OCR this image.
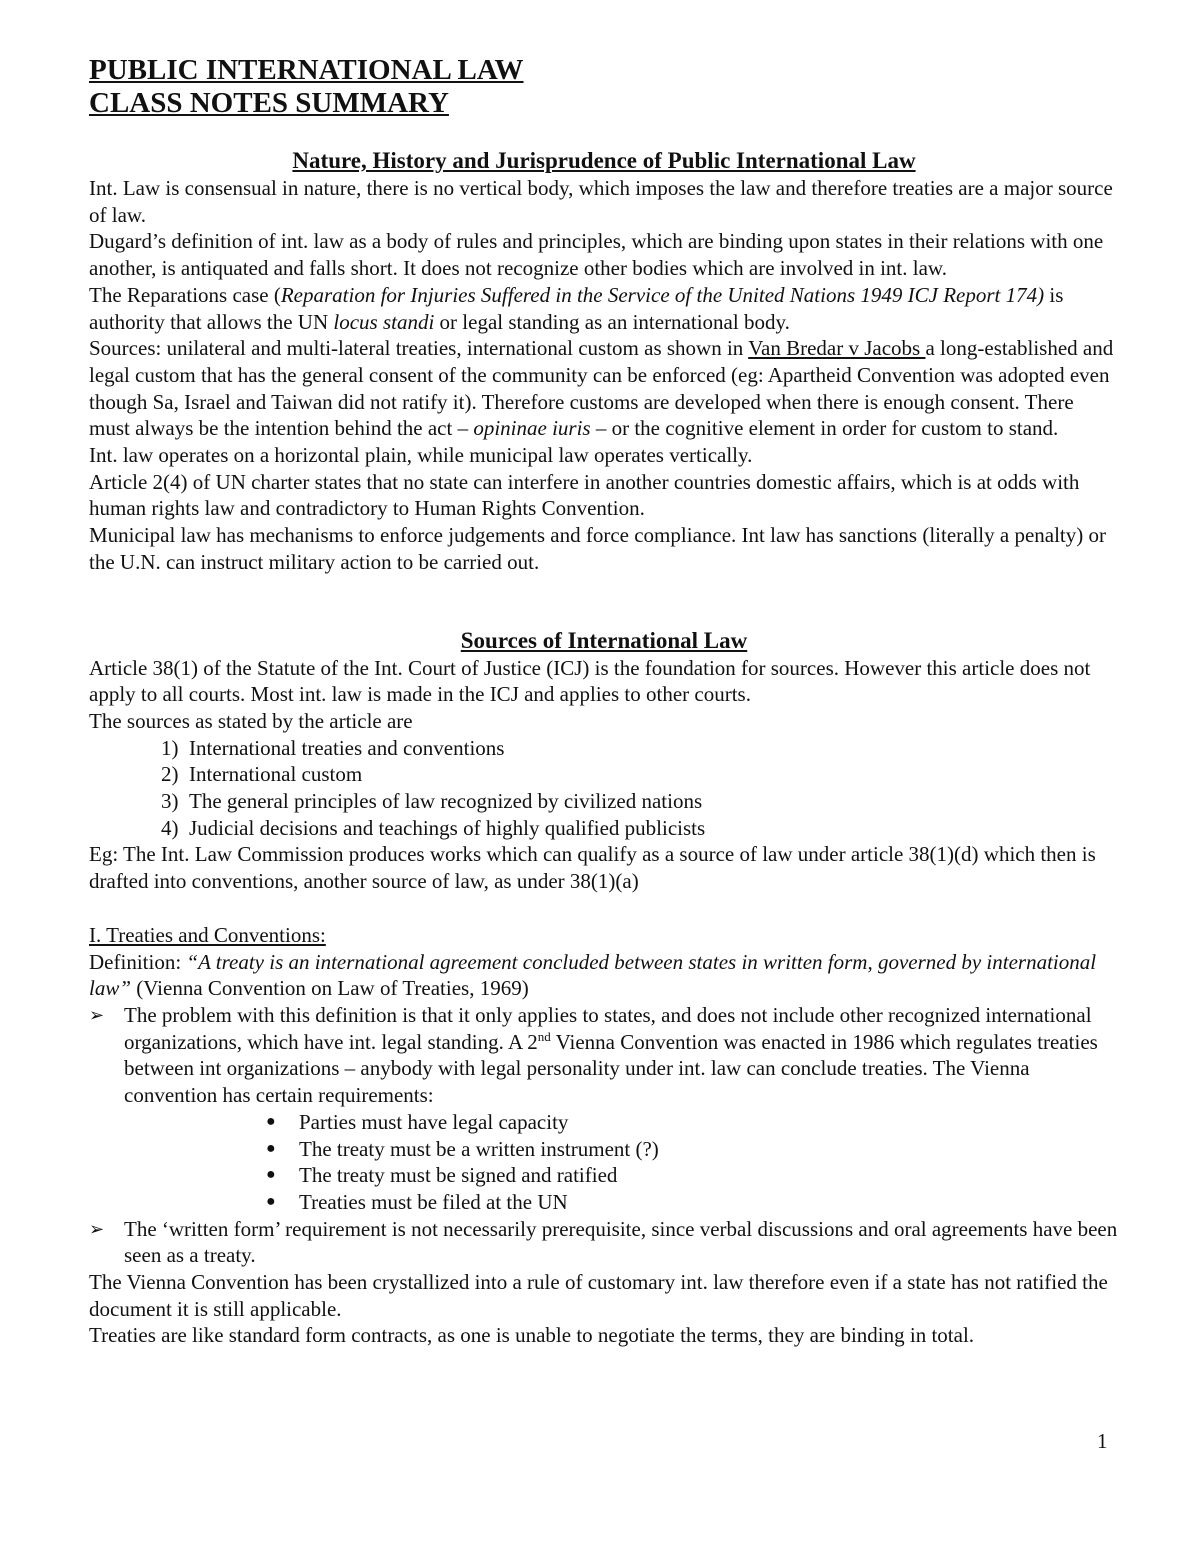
PUBLIC INTERNATIONAL LAW
CLASS NOTES SUMMARY
Nature, History and Jurisprudence of Public International Law

Int. Law is consensual in nature, there is no vertical body, which imposes the law and therefore treaties are a major source of law.

Dugard’s definition of int. law as a body of rules and principles, which are binding upon states in their relations with one another, is antiquated and falls short. It does not recognize other bodies which are involved in int. law.

The Reparations case (Reparation for Injuries Suffered in the Service of the United Nations 1949 ICJ Report 174) is authority that allows the UN locus standi or legal standing as an international body.

Sources: unilateral and multi-lateral treaties, international custom as shown in Van Bredar v Jacobs a long-established and legal custom that has the general consent of the community can be enforced (eg: Apartheid Convention was adopted even though Sa, Israel and Taiwan did not ratify it). Therefore customs are developed when there is enough consent. There must always be the intention behind the act – opininae iuris – or the cognitive element in order for custom to stand.

Int. law operates on a horizontal plain, while municipal law operates vertically.

Article 2(4) of UN charter states that no state can interfere in another countries domestic affairs, which is at odds with human rights law and contradictory to Human Rights Convention.

Municipal law has mechanisms to enforce judgements and force compliance. Int law has sanctions (literally a penalty) or the U.N. can instruct military action to be carried out.

Sources of International Law

Article 38(1) of the Statute of the Int. Court of Justice (ICJ) is the foundation for sources. However this article does not apply to all courts. Most int. law is made in the ICJ and applies to other courts.

The sources as stated by the article are

1)  International treaties and conventions
2)  International custom
3)  The general principles of law recognized by civilized nations
4)  Judicial decisions and teachings of highly qualified publicists

Eg: The Int. Law Commission produces works which can qualify as a source of law under article 38(1)(d) which then is drafted into conventions, another source of law, as under 38(1)(a)

I. Treaties and Conventions:

Definition: “A treaty is an international agreement concluded between states in written form, governed by international law” (Vienna Convention on Law of Treaties, 1969)

➢ The problem with this definition is that it only applies to states, and does not include other recognized international organizations, which have int. legal standing. A 2nd Vienna Convention was enacted in 1986 which regulates treaties between int organizations – anybody with legal personality under int. law can conclude treaties. The Vienna convention has certain requirements:
● Parties must have legal capacity
● The treaty must be a written instrument (?)
● The treaty must be signed and ratified
● Treaties must be filed at the UN
➢ The ‘written form’ requirement is not necessarily prerequisite, since verbal discussions and oral agreements have been seen as a treaty.

The Vienna Convention has been crystallized into a rule of customary int. law therefore even if a state has not ratified the document it is still applicable.

Treaties are like standard form contracts, as one is unable to negotiate the terms, they are binding in total.

1
